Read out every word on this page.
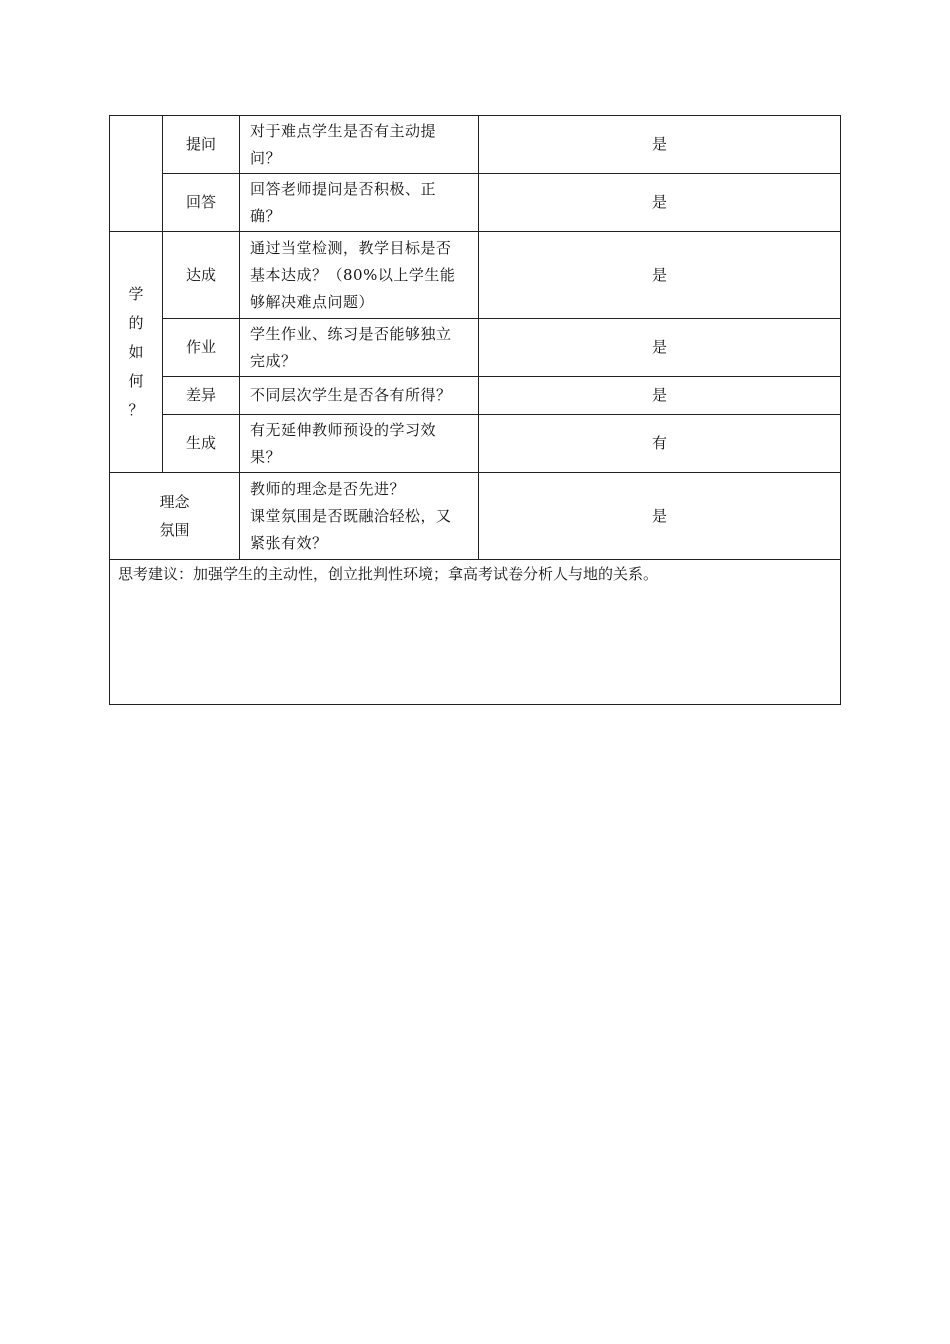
	提问	对于难点学生是否有主动提
问？	是
	回答	回答老师提问是否积极、正
确？	是

学
的
如
何
？	达成	通过当堂检测，教学目标是否
基本达成？（80%以上学生能
够解决难点问题）	是
	作业	学生作业、练习是否能够独立
完成？	是
	差异	不同层次学生是否各有所得？	是
	生成	有无延伸教师预设的学习效
果？	有

理念
氛围		教师的理念是否先进？
课堂氛围是否既融洽轻松，又
紧张有效？	是
思考建议：加强学生的主动性，创立批判性环境；拿高考试卷分析人与地的关系。			
